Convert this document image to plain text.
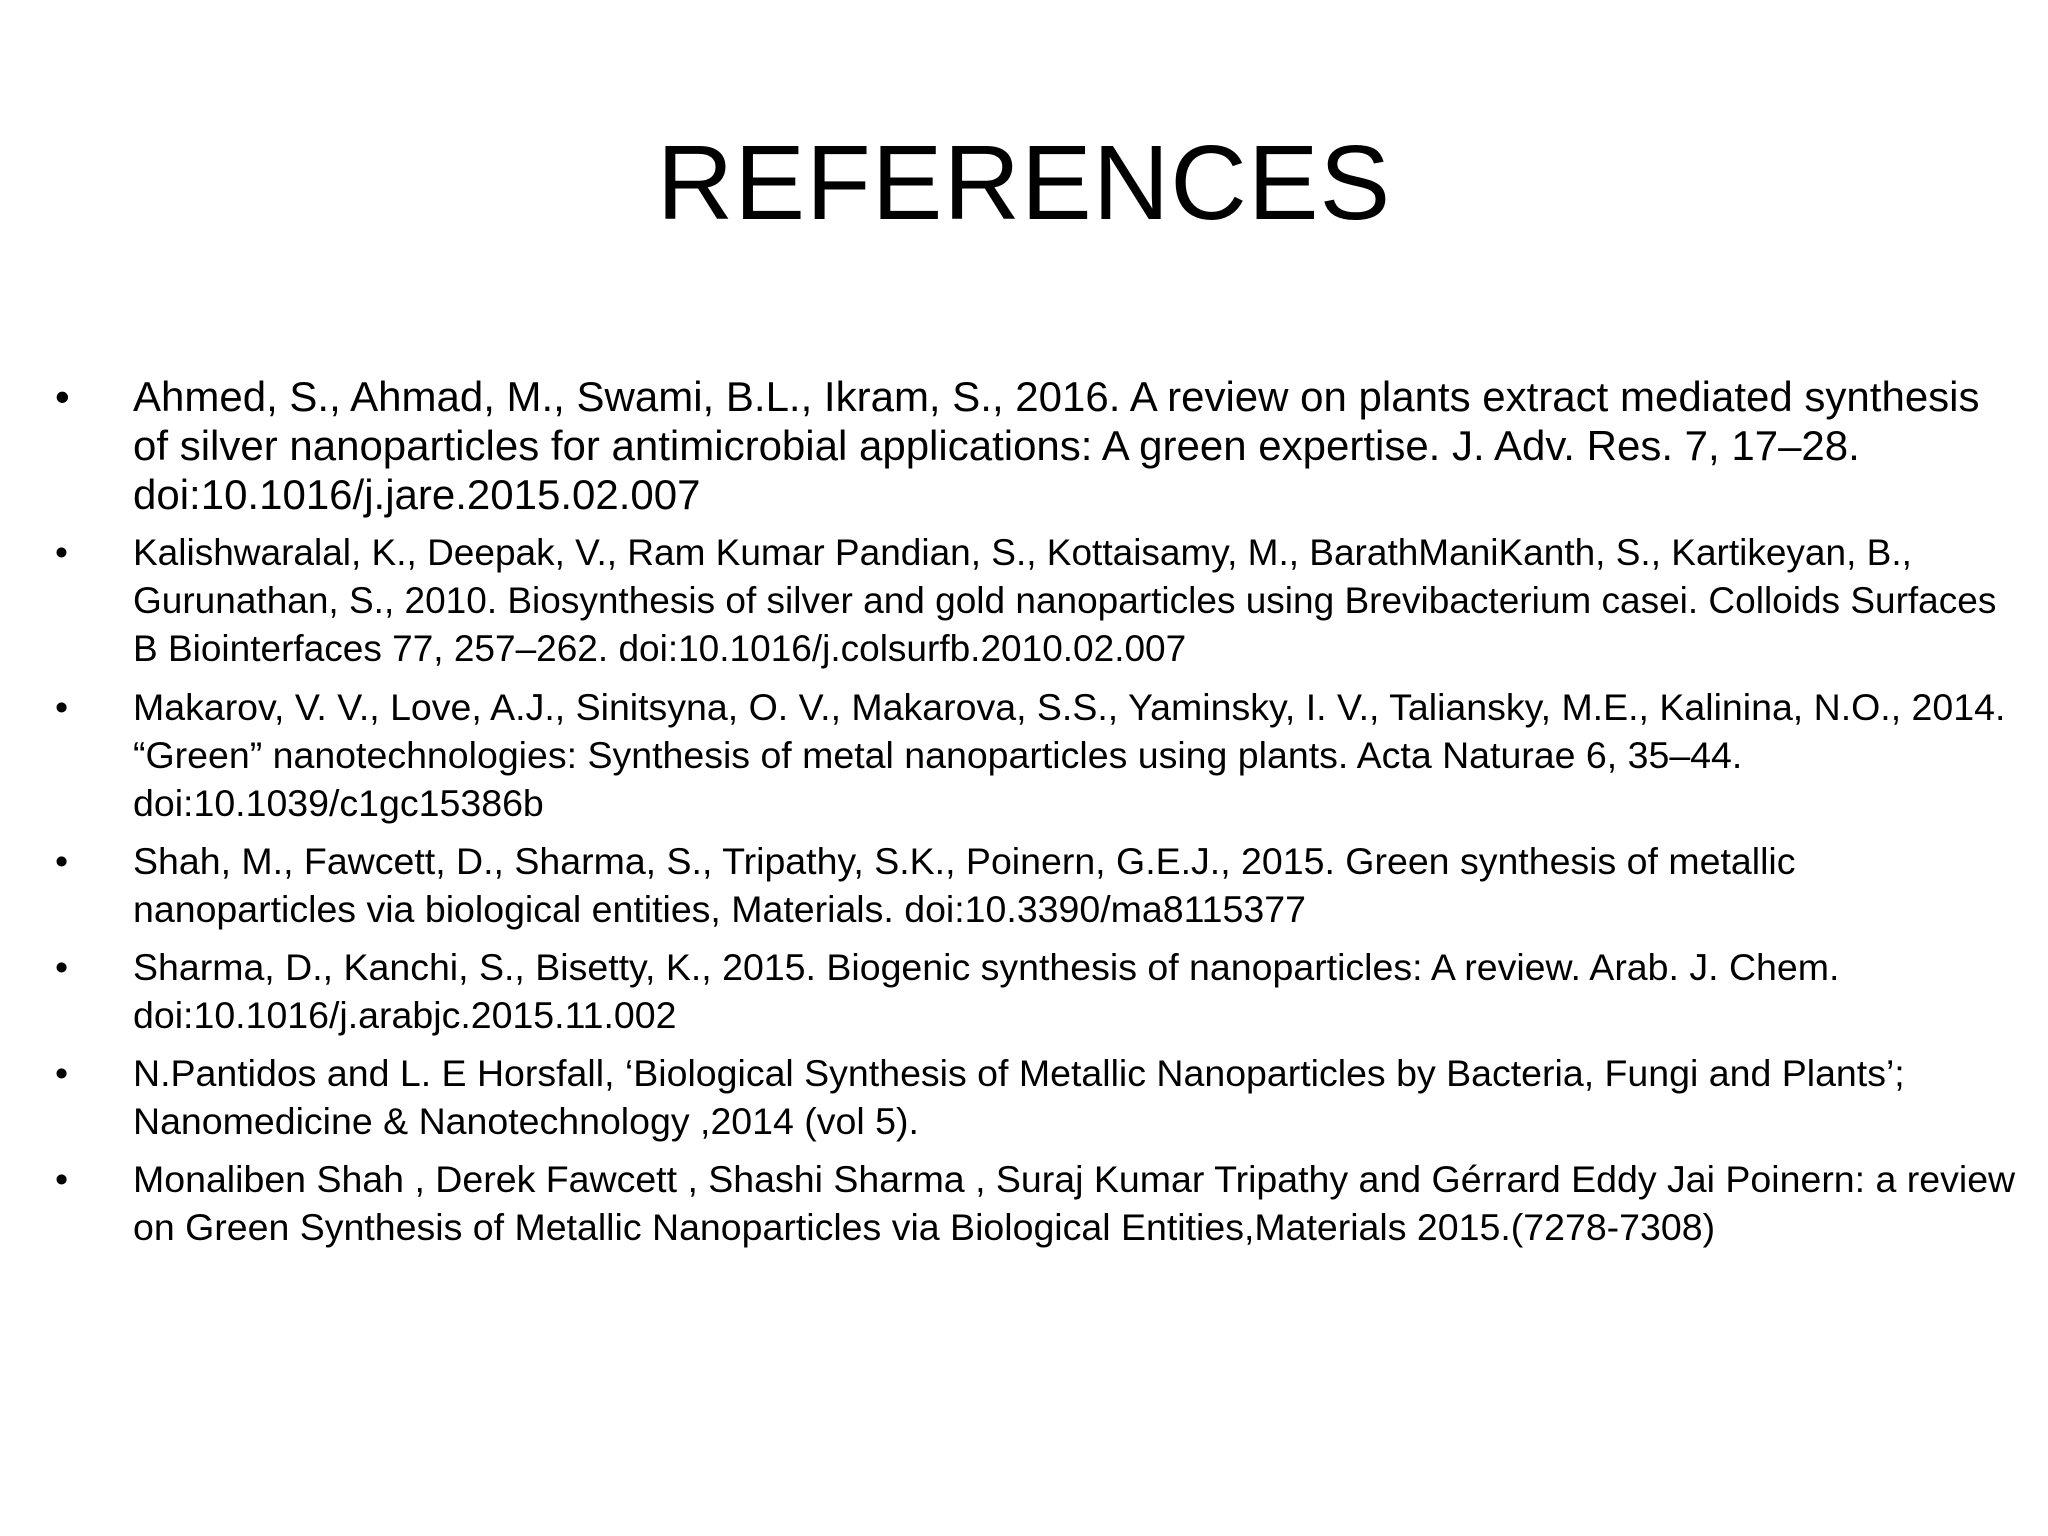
REFERENCES
• Ahmed, S., Ahmad, M., Swami, B.L., Ikram, S., 2016. A review on plants extract mediated synthesis of silver nanoparticles for antimicrobial applications: A green expertise. J. Adv. Res. 7, 17–28. doi:10.1016/j.jare.2015.02.007
• Kalishwaralal, K., Deepak, V., Ram Kumar Pandian, S., Kottaisamy, M., BarathManiKanth, S., Kartikeyan, B., Gurunathan, S., 2010. Biosynthesis of silver and gold nanoparticles using Brevibacterium casei. Colloids Surfaces B Biointerfaces 77, 257–262. doi:10.1016/j.colsurfb.2010.02.007
• Makarov, V. V., Love, A.J., Sinitsyna, O. V., Makarova, S.S., Yaminsky, I. V., Taliansky, M.E., Kalinina, N.O., 2014. “Green” nanotechnologies: Synthesis of metal nanoparticles using plants. Acta Naturae 6, 35–44. doi:10.1039/c1gc15386b
• Shah, M., Fawcett, D., Sharma, S., Tripathy, S.K., Poinern, G.E.J., 2015. Green synthesis of metallic nanoparticles via biological entities, Materials. doi:10.3390/ma8115377
• Sharma, D., Kanchi, S., Bisetty, K., 2015. Biogenic synthesis of nanoparticles: A review. Arab. J. Chem. doi:10.1016/j.arabjc.2015.11.002
• N.Pantidos and L. E Horsfall, ‘Biological Synthesis of Metallic Nanoparticles by Bacteria, Fungi and Plants’; Nanomedicine & Nanotechnology ,2014 (vol 5).
• Monaliben Shah , Derek Fawcett , Shashi Sharma , Suraj Kumar Tripathy and Gérrard Eddy Jai Poinern: a review on Green Synthesis of Metallic Nanoparticles via Biological Entities,Materials 2015.(7278-7308)
